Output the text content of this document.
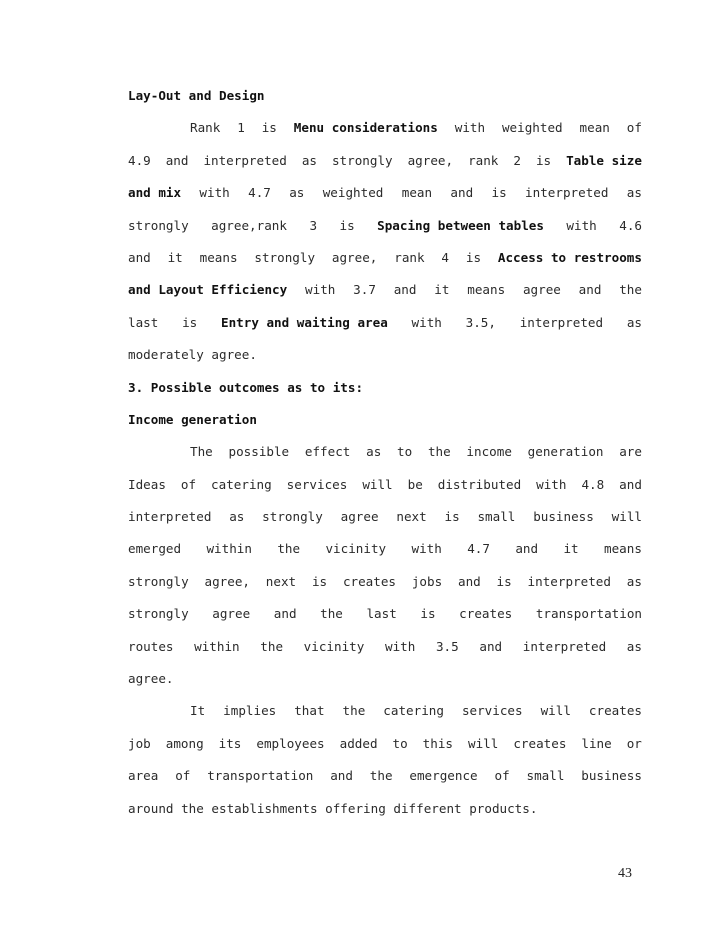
Lay-Out and Design
Rank 1 is Menu considerations with weighted mean of
4.9 and interpreted as strongly agree, rank 2 is Table size
and mix with 4.7 as weighted mean and is interpreted as
strongly agree,rank 3 is Spacing between tables with 4.6
and it means strongly agree, rank 4 is Access to restrooms
and Layout Efficiency with 3.7 and it means agree and the
last is Entry and waiting area with 3.5, interpreted as
moderately agree.
3. Possible outcomes as to its:
Income generation
The possible effect as to the income generation are
Ideas of catering services will be distributed with 4.8 and
interpreted as strongly agree next is small business will
emerged within the vicinity with 4.7 and it means
strongly agree, next is creates jobs and is interpreted as
strongly agree and the last is creates transportation
routes within the vicinity with 3.5 and interpreted as
agree.
It implies that the catering services will creates
job among its employees added to this will creates line or
area of transportation and the emergence of small business
around the establishments offering different products.
43
